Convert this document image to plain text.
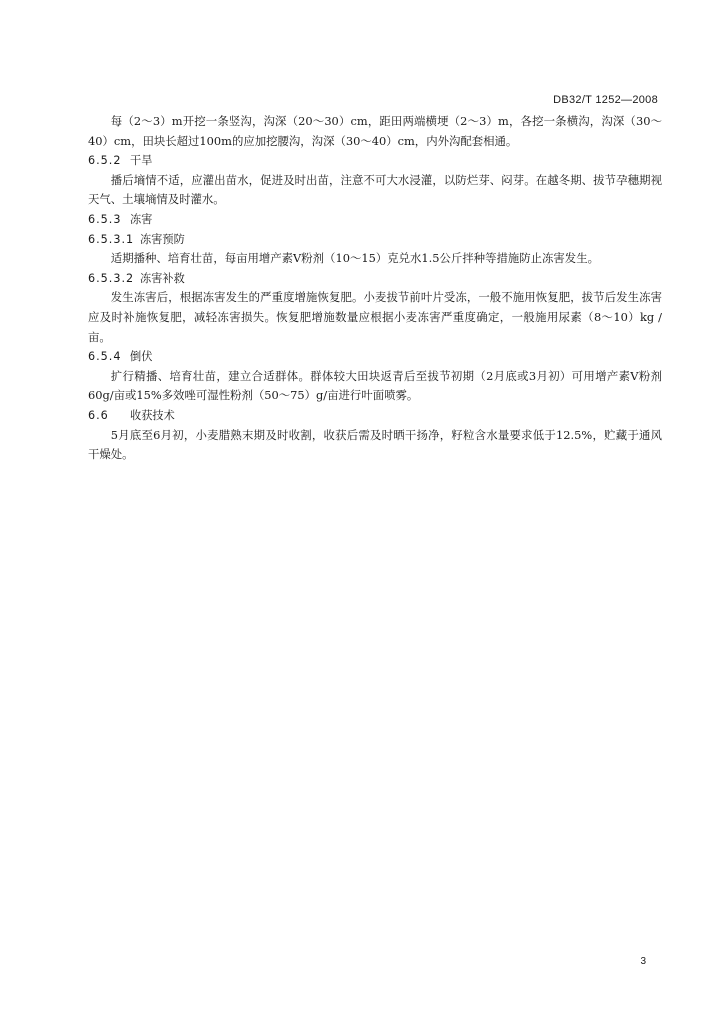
DB32/T 1252—2008

每（2～3）m开挖一条竖沟，沟深（20～30）cm，距田两端横埂（2～3）m，各挖一条横沟，沟深（30～40）cm，田块长超过100m的应加挖腰沟，沟深（30～40）cm，内外沟配套相通。

6.5.2 干旱

播后墒情不适，应灌出苗水，促进及时出苗，注意不可大水浸灌，以防烂芽、闷芽。在越冬期、拔节孕穗期视天气、土壤墒情及时灌水。

6.5.3 冻害

6.5.3.1 冻害预防

适期播种、培育壮苗，每亩用增产素V粉剂（10～15）克兑水1.5公斤拌种等措施防止冻害发生。

6.5.3.2 冻害补救

发生冻害后，根据冻害发生的严重度增施恢复肥。小麦拔节前叶片受冻，一般不施用恢复肥，拔节后发生冻害应及时补施恢复肥，减轻冻害损失。恢复肥增施数量应根据小麦冻害严重度确定，一般施用尿素（8～10）kg / 亩。

6.5.4 倒伏

扩行精播、培育壮苗，建立合适群体。群体较大田块返青后至拔节初期（2月底或3月初）可用增产素V粉剂60g/亩或15%多效唑可湿性粉剂（50～75）g/亩进行叶面喷雾。

6.6 收获技术

5月底至6月初，小麦腊熟末期及时收割，收获后需及时晒干扬净，籽粒含水量要求低于12.5%，贮藏于通风干燥处。

3
